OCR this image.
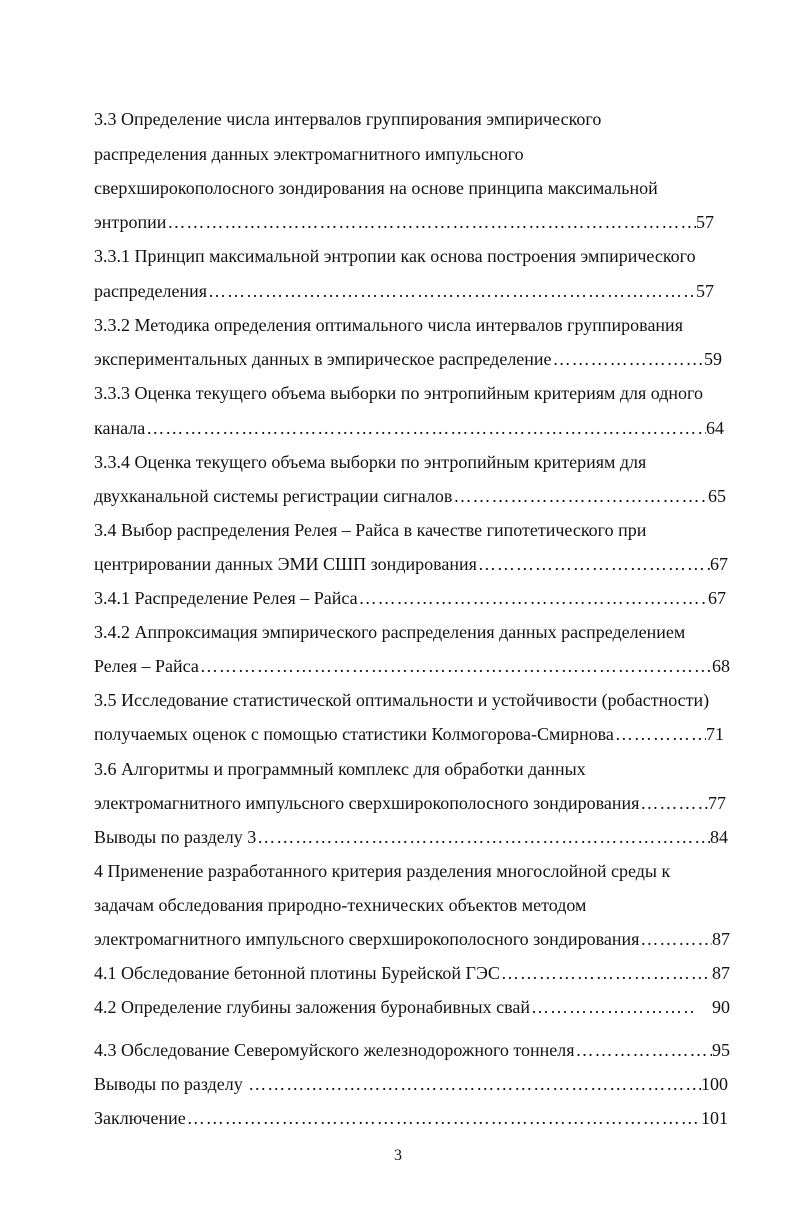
3.3 Определение числа интервалов группирования эмпирического
распределения данных электромагнитного импульсного
сверхширокополосного зондирования на основе принципа максимальной
энтропии ………………………………………………………………………………………………………………………………	57
3.3.1 Принцип максимальной энтропии как основа построения эмпирического
распределения ………………………………………………………………………………………………………………………………	57
3.3.2 Методика определения оптимального числа интервалов группирования
экспериментальных данных в эмпирическое распределение ………………………………………………………………………………………………………………………………	59
3.3.3 Оценка текущего объема выборки по энтропийным критериям для одного
канала ………………………………………………………………………………………………………………………………	64
3.3.4 Оценка текущего объема выборки по энтропийным критериям для
двухканальной системы регистрации сигналов ………………………………………………………………………………………………………………………………	65
3.4 Выбор распределения Релея – Райса в качестве гипотетического при
центрировании данных ЭМИ СШП зондирования ………………………………………………………………………………………………………………………………	67
3.4.1 Распределение Релея – Райса ………………………………………………………………………………………………………………………………	67
3.4.2 Аппроксимация эмпирического распределения данных распределением
Релея – Райса ………………………………………………………………………………………………………………………………	68
3.5 Исследование статистической оптимальности и устойчивости (робастности)
получаемых оценок с помощью статистики Колмогорова-Смирнова ………………………………………………………………………………………………………………………………	71
3.6 Алгоритмы и программный комплекс для обработки данных
электромагнитного импульсного сверхширокополосного зондирования ………………………………………………………………………………………………………………………………	77
Выводы по разделу 3 ………………………………………………………………………………………………………………………………	84
4 Применение разработанного критерия разделения многослойной среды к
задачам обследования природно-технических объектов методом
электромагнитного импульсного сверхширокополосного зондирования ………………………………………………………………………………………………………………………………	87
4.1 Обследование бетонной плотины Бурейской ГЭС ………………………………………………………………………………………………………………………………	87
4.2 Определение глубины заложения буронабивных свай ………………………………………………………………………………………………………………………………	90
4.3 Обследование Северомуйского железнодорожного тоннеля ………………………………………………………………………………………………………………………………	95
Выводы по разделу ………………………………………………………………………………………………………………………………	100
Заключение ………………………………………………………………………………………………………………………………	101
3
